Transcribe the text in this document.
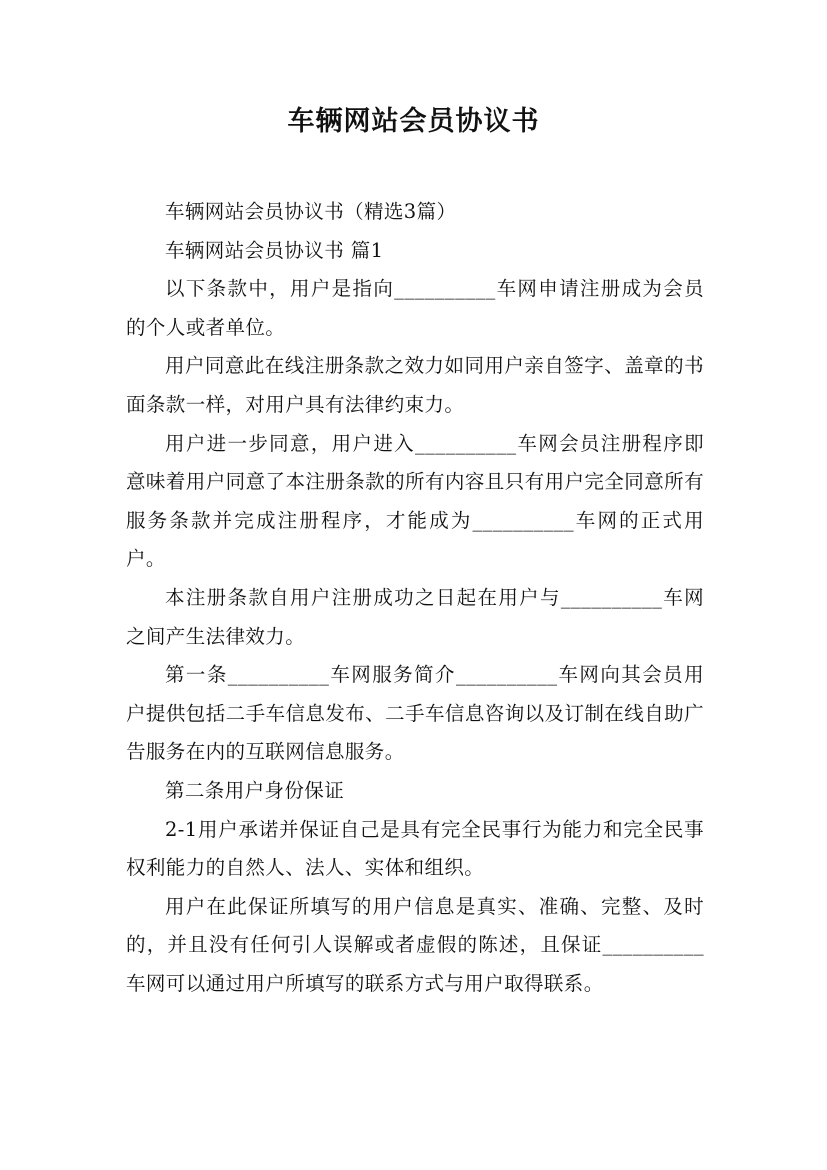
车辆网站会员协议书

车辆网站会员协议书（精选3篇）

车辆网站会员协议书 篇1

以下条款中，用户是指向__________车网申请注册成为会员的个人或者单位。

用户同意此在线注册条款之效力如同用户亲自签字、盖章的书面条款一样，对用户具有法律约束力。

用户进一步同意，用户进入__________车网会员注册程序即意味着用户同意了本注册条款的所有内容且只有用户完全同意所有服务条款并完成注册程序，才能成为__________车网的正式用户。

本注册条款自用户注册成功之日起在用户与__________车网之间产生法律效力。

第一条__________车网服务简介__________车网向其会员用户提供包括二手车信息发布、二手车信息咨询以及订制在线自助广告服务在内的互联网信息服务。

第二条用户身份保证

2-1用户承诺并保证自己是具有完全民事行为能力和完全民事权利能力的自然人、法人、实体和组织。

用户在此保证所填写的用户信息是真实、准确、完整、及时的，并且没有任何引人误解或者虚假的陈述，且保证__________车网可以通过用户所填写的联系方式与用户取得联系。
